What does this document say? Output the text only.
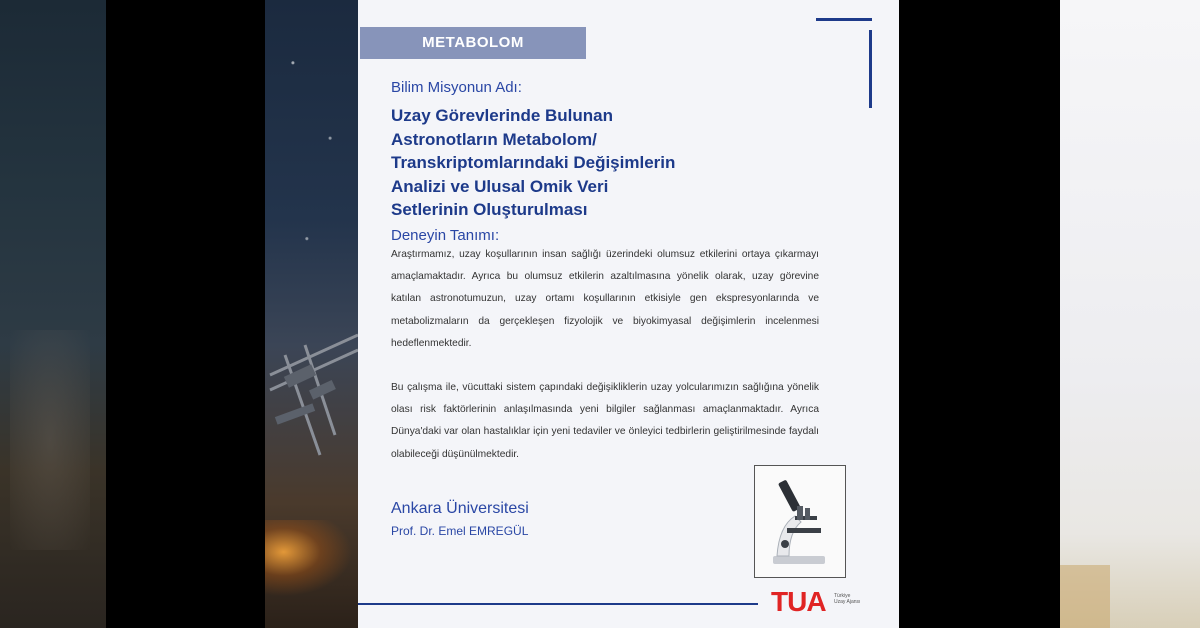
METABOLOM
Bilim Misyonun Adı:
Uzay Görevlerinde Bulunan
Astronotların Metabolom/
Transkriptomlarındaki Değişimlerin
Analizi ve Ulusal Omik Veri
Setlerinin Oluşturulması
Deneyin Tanımı:

Araştırmamız, uzay koşullarının insan sağlığı üzerindeki olumsuz etkilerini ortaya çıkarmayı amaçlamaktadır. Ayrıca bu olumsuz etkilerin azaltılmasına yönelik olarak, uzay görevine katılan astronotumuzun, uzay ortamı koşullarının etkisiyle gen ekspresyonlarında ve metabolizmaların da gerçekleşen fizyolojik ve biyokimyasal değişimlerin incelenmesi hedeflenmektedir.

Bu çalışma ile, vücuttaki sistem çapındaki değişikliklerin uzay yolcularımızın sağlığına yönelik olası risk faktörlerinin anlaşılmasında yeni bilgiler sağlanması amaçlanmaktadır. Ayrıca Dünya'daki var olan hastalıklar için yeni tedaviler ve önleyici tedbirlerin geliştirilmesinde faydalı olabileceği düşünülmektedir.

Ankara Üniversitesi
Prof. Dr. Emel EMREGÜL
TUA Türkiye
Uzay Ajansı
